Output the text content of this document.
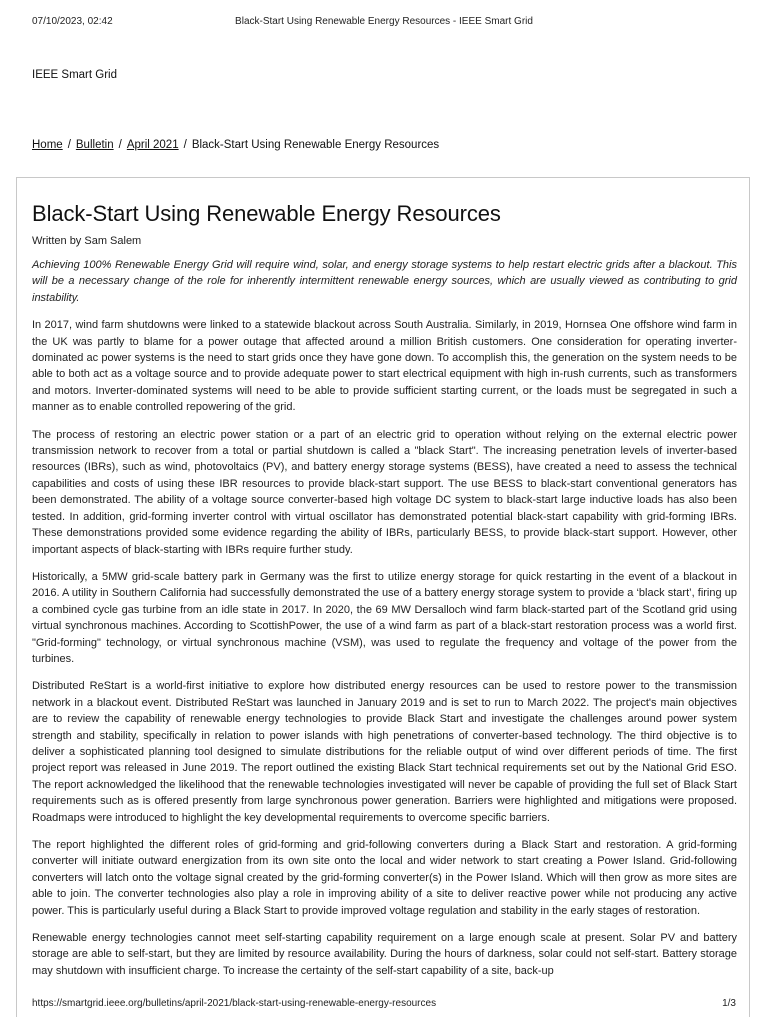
07/10/2023, 02:42	Black-Start Using Renewable Energy Resources - IEEE Smart Grid
IEEE Smart Grid
Home / Bulletin / April 2021 / Black-Start Using Renewable Energy Resources
Black-Start Using Renewable Energy Resources
Written by Sam Salem

Achieving 100% Renewable Energy Grid will require wind, solar, and energy storage systems to help restart electric grids after a blackout. This will be a necessary change of the role for inherently intermittent renewable energy sources, which are usually viewed as contributing to grid instability.

In 2017, wind farm shutdowns were linked to a statewide blackout across South Australia. Similarly, in 2019, Hornsea One offshore wind farm in the UK was partly to blame for a power outage that affected around a million British customers. One consideration for operating inverter-dominated ac power systems is the need to start grids once they have gone down. To accomplish this, the generation on the system needs to be able to both act as a voltage source and to provide adequate power to start electrical equipment with high in-rush currents, such as transformers and motors. Inverter-dominated systems will need to be able to provide sufficient starting current, or the loads must be segregated in such a manner as to enable controlled repowering of the grid.

The process of restoring an electric power station or a part of an electric grid to operation without relying on the external electric power transmission network to recover from a total or partial shutdown is called a "black Start". The increasing penetration levels of inverter-based resources (IBRs), such as wind, photovoltaics (PV), and battery energy storage systems (BESS), have created a need to assess the technical capabilities and costs of using these IBR resources to provide black-start support. The use BESS to black-start conventional generators has been demonstrated. The ability of a voltage source converter-based high voltage DC system to black-start large inductive loads has also been tested. In addition, grid-forming inverter control with virtual oscillator has demonstrated potential black-start capability with grid-forming IBRs. These demonstrations provided some evidence regarding the ability of IBRs, particularly BESS, to provide black-start support. However, other important aspects of black-starting with IBRs require further study.

Historically, a 5MW grid-scale battery park in Germany was the first to utilize energy storage for quick restarting in the event of a blackout in 2016. A utility in Southern California had successfully demonstrated the use of a battery energy storage system to provide a ‘black start’, firing up a combined cycle gas turbine from an idle state in 2017. In 2020, the 69 MW Dersalloch wind farm black-started part of the Scotland grid using virtual synchronous machines. According to ScottishPower, the use of a wind farm as part of a black-start restoration process was a world first. "Grid-forming" technology, or virtual synchronous machine (VSM), was used to regulate the frequency and voltage of the power from the turbines.

Distributed ReStart is a world-first initiative to explore how distributed energy resources can be used to restore power to the transmission network in a blackout event. Distributed ReStart was launched in January 2019 and is set to run to March 2022. The project's main objectives are to review the capability of renewable energy technologies to provide Black Start and investigate the challenges around power system strength and stability, specifically in relation to power islands with high penetrations of converter-based technology. The third objective is to deliver a sophisticated planning tool designed to simulate distributions for the reliable output of wind over different periods of time. The first project report was released in June 2019. The report outlined the existing Black Start technical requirements set out by the National Grid ESO. The report acknowledged the likelihood that the renewable technologies investigated will never be capable of providing the full set of Black Start requirements such as is offered presently from large synchronous power generation. Barriers were highlighted and mitigations were proposed. Roadmaps were introduced to highlight the key developmental requirements to overcome specific barriers.

The report highlighted the different roles of grid-forming and grid-following converters during a Black Start and restoration. A grid-forming converter will initiate outward energization from its own site onto the local and wider network to start creating a Power Island. Grid-following converters will latch onto the voltage signal created by the grid-forming converter(s) in the Power Island. Which will then grow as more sites are able to join. The converter technologies also play a role in improving ability of a site to deliver reactive power while not producing any active power. This is particularly useful during a Black Start to provide improved voltage regulation and stability in the early stages of restoration.

Renewable energy technologies cannot meet self-starting capability requirement on a large enough scale at present. Solar PV and battery storage are able to self-start, but they are limited by resource availability. During the hours of darkness, solar could not self-start. Battery storage may shutdown with insufficient charge. To increase the certainty of the self-start capability of a site, back-up

https://smartgrid.ieee.org/bulletins/april-2021/black-start-using-renewable-energy-resources	1/3
